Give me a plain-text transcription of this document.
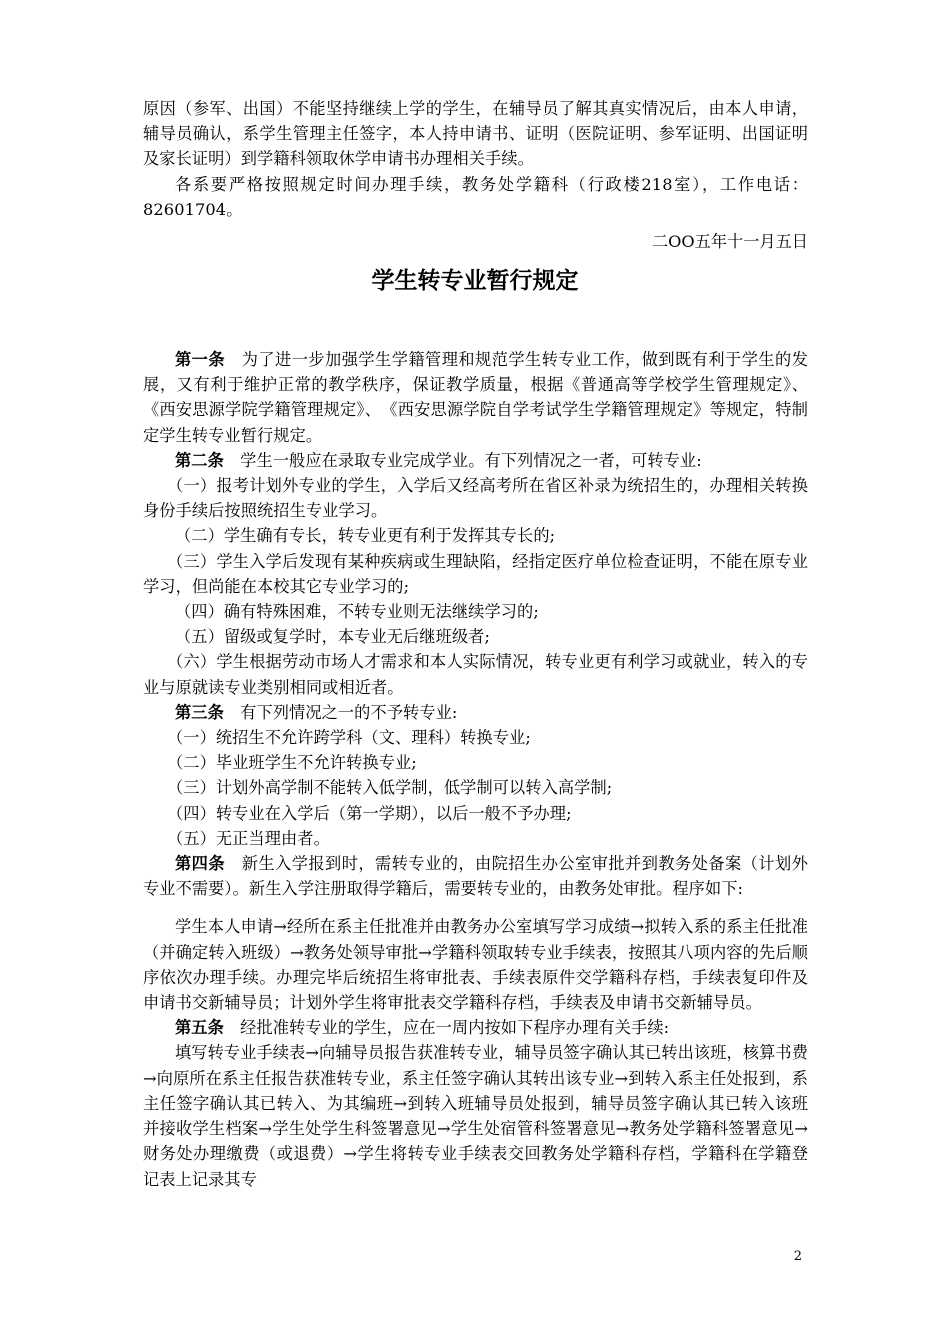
原因（参军、出国）不能坚持继续上学的学生，在辅导员了解其真实情况后，由本人申请，辅导员确认，系学生管理主任签字，本人持申请书、证明（医院证明、参军证明、出国证明及家长证明）到学籍科领取休学申请书办理相关手续。

各系要严格按照规定时间办理手续，教务处学籍科（行政楼218室），工作电话：82601704。

二OO五年十一月五日
学生转专业暂行规定

第一条　 为了进一步加强学生学籍管理和规范学生转专业工作，做到既有利于学生的发展，又有利于维护正常的教学秩序，保证教学质量，根据《普通高等学校学生管理规定》、《西安思源学院学籍管理规定》、　《西安思源学院自学考试学生学籍管理规定》等规定，特制定学生转专业暂行规定。

第二条　 学生一般应在录取专业完成学业。有下列情况之一者，可转专业:

（一）报考计划外专业的学生，入学后又经高考所在省区补录为统招生的，办理相关转换身份手续后按照统招生专业学习。

（二）学生确有专长，转专业更有利于发挥其专长的;

（三）学生入学后发现有某种疾病或生理缺陷，经指定医疗单位检查证明，不能在原专业学习，但尚能在本校其它专业学习的;

（四）确有特殊困难，不转专业则无法继续学习的;

（五）留级或复学时，本专业无后继班级者;

（六）学生根据劳动市场人才需求和本人实际情况，转专业更有利学习或就业，转入的专业与原就读专业类别相同或相近者。

第三条　 有下列情况之一的不予转专业:

（一）统招生不允许跨学科（文、理科）转换专业;

（二）毕业班学生不允许转换专业;

（三）计划外高学制不能转入低学制，低学制可以转入高学制;

（四）转专业在入学后（第一学期），以后一般不予办理;

（五）无正当理由者。

第四条　 新生入学报到时，需转专业的，由院招生办公室审批并到教务处备案（计划外专业不需要）。新生入学注册取得学籍后，需要转专业的，由教务处审批。程序如下:

学生本人申请→经所在系主任批准并由教务办公室填写学习成绩→拟转入系的系主任批准（并确定转入班级）→教务处领导审批→学籍科领取转专业手续表，按照其八项内容的先后顺序依次办理手续。办理完毕后统招生将审批表、手续表原件交学籍科存档，手续表复印件及申请书交新辅导员；计划外学生将审批表交学籍科存档，手续表及申请书交新辅导员。

第五条　 经批准转专业的学生，应在一周内按如下程序办理有关手续:

填写转专业手续表→向辅导员报告获准转专业，辅导员签字确认其已转出该班，核算书费→向原所在系主任报告获准转专业，系主任签字确认其转出该专业→到转入系主任处报到，系主任签字确认其已转入、为其编班→到转入班辅导员处报到，辅导员签字确认其已转入该班并接收学生档案→学生处学生科签署意见→学生处宿管科签署意见→教务处学籍科签署意见→财务处办理缴费（或退费）→学生将转专业手续表交回教务处学籍科存档，学籍科在学籍登记表上记录其专

2
